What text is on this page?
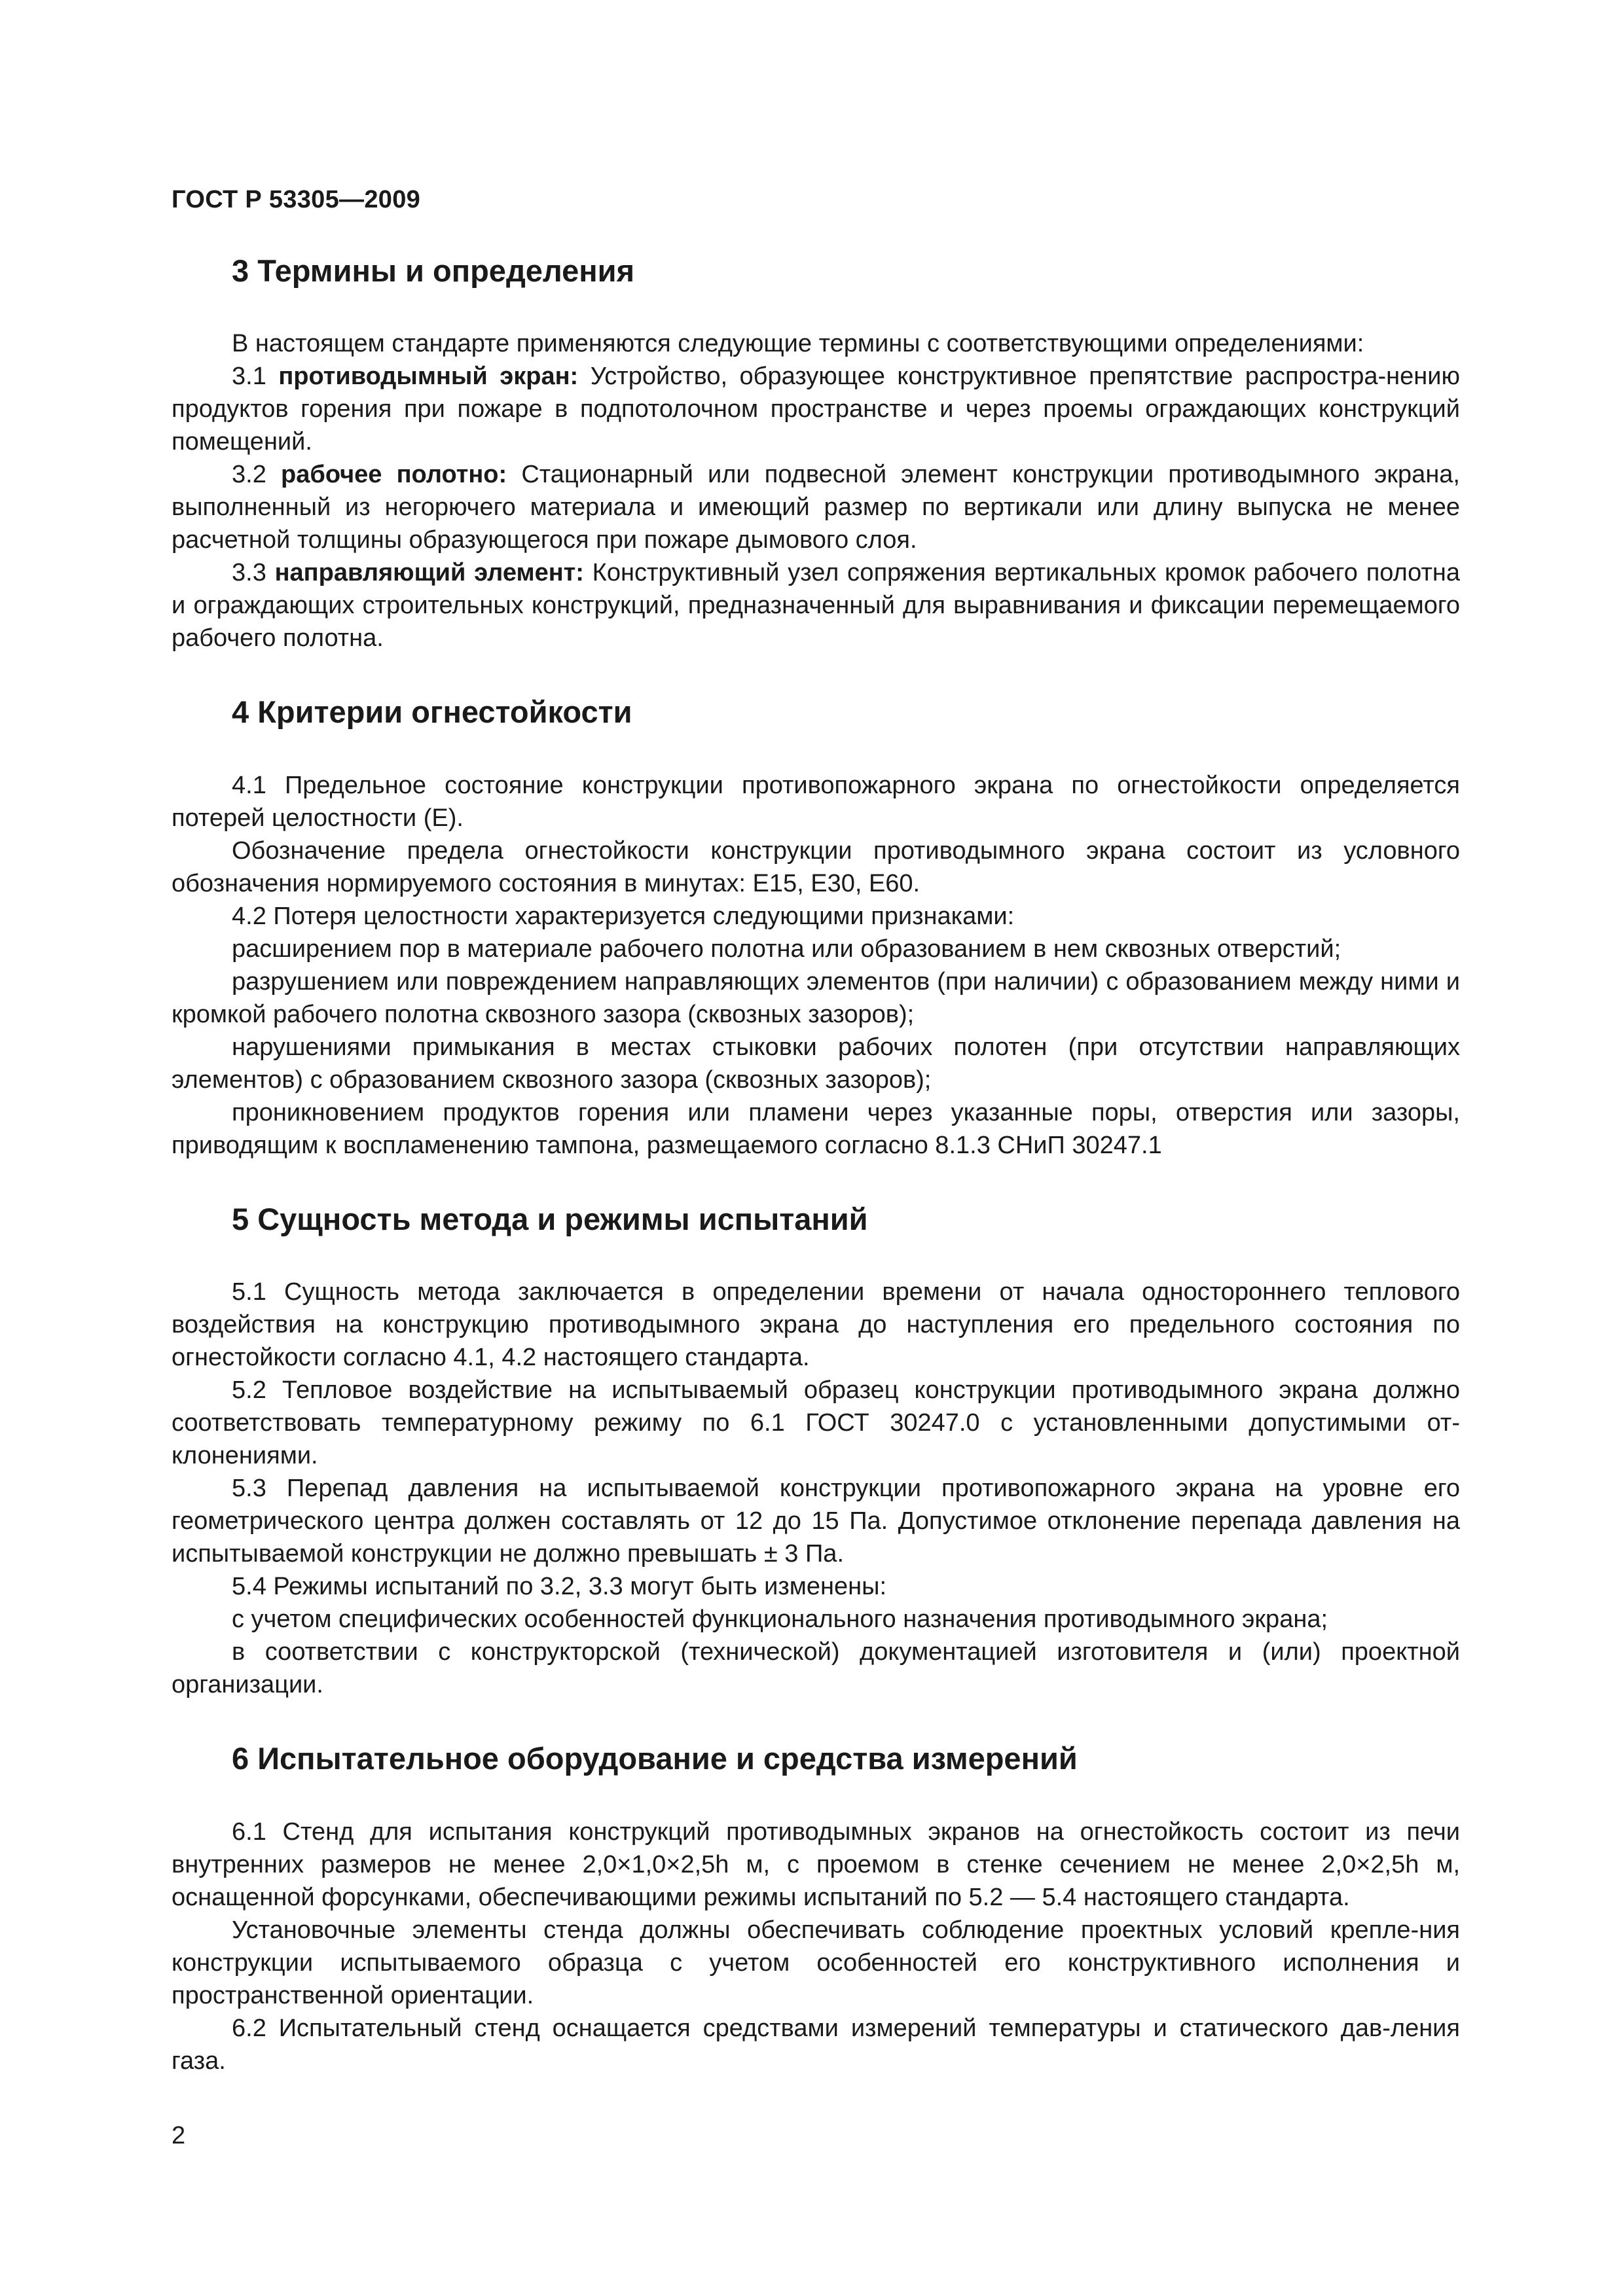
ГОСТ Р 53305—2009
3 Термины и определения

В настоящем стандарте применяются следующие термины с соответствующими определениями:

3.1 противодымный экран: Устройство, образующее конструктивное препятствие распростра-нению продуктов горения при пожаре в подпотолочном пространстве и через проемы ограждающих конструкций помещений.

3.2 рабочее полотно: Стационарный или подвесной элемент конструкции противодымного экрана, выполненный из негорючего материала и имеющий размер по вертикали или длину выпуска не менее расчетной толщины образующегося при пожаре дымового слоя.

3.3 направляющий элемент: Конструктивный узел сопряжения вертикальных кромок рабочего полотна и ограждающих строительных конструкций, предназначенный для выравнивания и фиксации перемещаемого рабочего полотна.

4 Критерии огнестойкости

4.1 Предельное состояние конструкции противопожарного экрана по огнестойкости определяется потерей целостности (Е).

Обозначение предела огнестойкости конструкции противодымного экрана состоит из условного обозначения нормируемого состояния в минутах: Е15, Е30, Е60.

4.2 Потеря целостности характеризуется следующими признаками:

расширением пор в материале рабочего полотна или образованием в нем сквозных отверстий;

разрушением или повреждением направляющих элементов (при наличии) с образованием между ними и кромкой рабочего полотна сквозного зазора (сквозных зазоров);

нарушениями примыкания в местах стыковки рабочих полотен (при отсутствии направляющих элементов) с образованием сквозного зазора (сквозных зазоров);

проникновением продуктов горения или пламени через указанные поры, отверстия или зазоры, приводящим к воспламенению тампона, размещаемого согласно 8.1.3 СНиП 30247.1

5 Сущность метода и режимы испытаний

5.1 Сущность метода заключается в определении времени от начала одностороннего теплового воздействия на конструкцию противодымного экрана до наступления его предельного состояния по огнестойкости согласно 4.1, 4.2 настоящего стандарта.

5.2 Тепловое воздействие на испытываемый образец конструкции противодымного экрана должно соответствовать температурному режиму по 6.1 ГОСТ 30247.0 с установленными допустимыми от-клонениями.

5.3 Перепад давления на испытываемой конструкции противопожарного экрана на уровне его геометрического центра должен составлять от 12 до 15 Па. Допустимое отклонение перепада давления на испытываемой конструкции не должно превышать ± 3 Па.

5.4 Режимы испытаний по 3.2, 3.3 могут быть изменены:

с учетом специфических особенностей функционального назначения противодымного экрана;

в соответствии с конструкторской (технической) документацией изготовителя и (или) проектной организации.

6 Испытательное оборудование и средства измерений

6.1 Стенд для испытания конструкций противодымных экранов на огнестойкость состоит из печи внутренних размеров не менее 2,0×1,0×2,5h м, с проемом в стенке сечением не менее 2,0×2,5h м, оснащенной форсунками, обеспечивающими режимы испытаний по 5.2 — 5.4 настоящего стандарта.

Установочные элементы стенда должны обеспечивать соблюдение проектных условий крепле-ния конструкции испытываемого образца с учетом особенностей его конструктивного исполнения и пространственной ориентации.

6.2 Испытательный стенд оснащается средствами измерений температуры и статического дав-ления газа.

2
